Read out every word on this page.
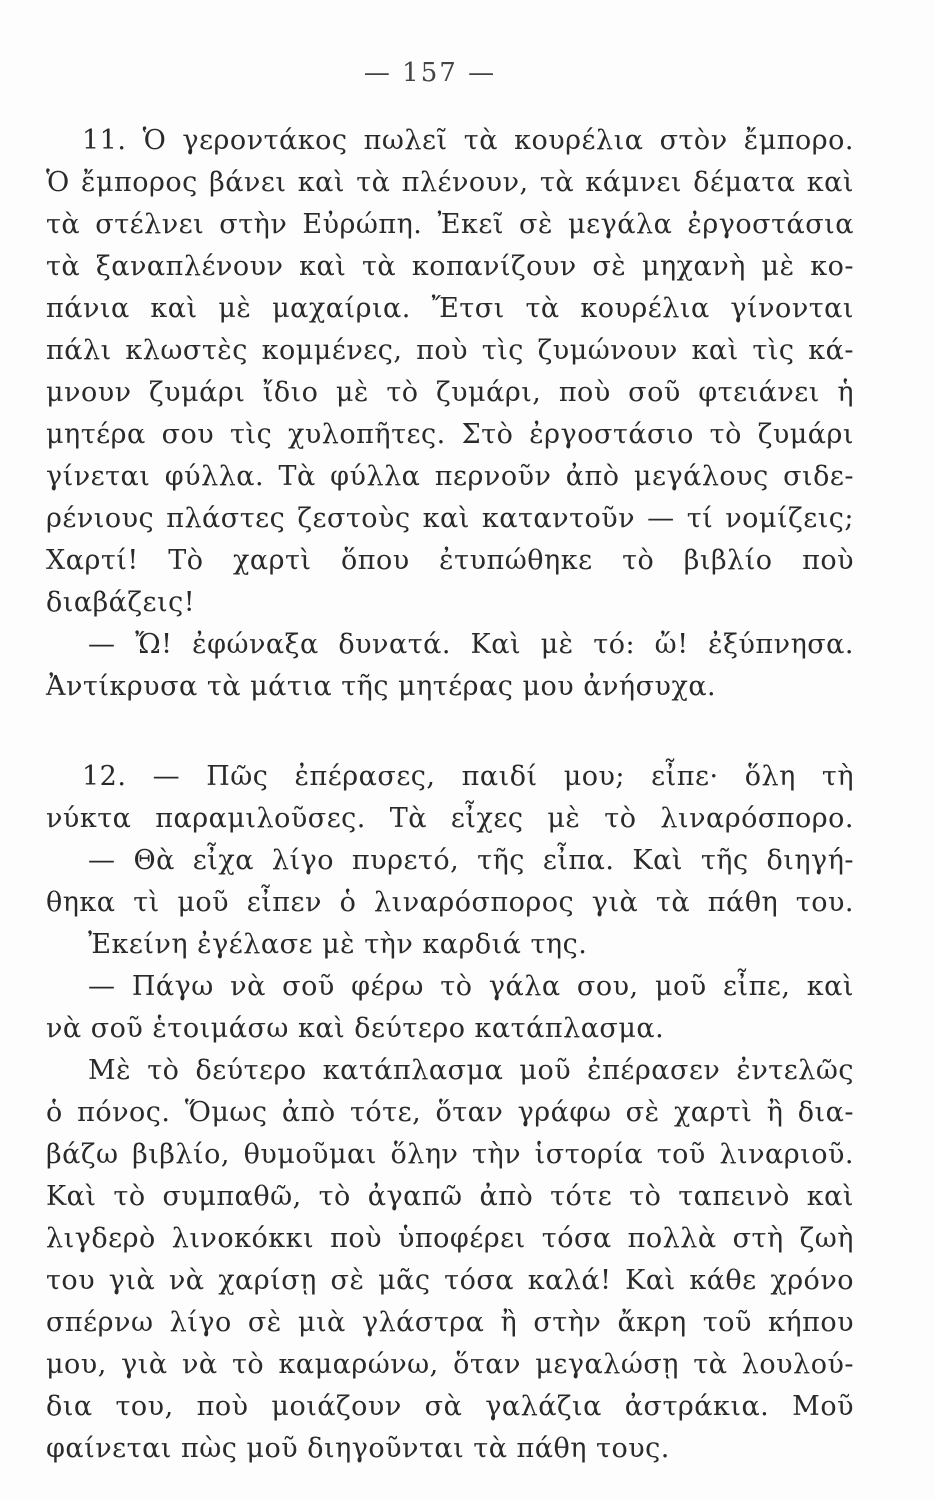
— 157 —
11. Ὁ γεροντάκος πωλεῖ τὰ κουρέλια στὸν ἔμπορο.
Ὁ ἔμπορος βάνει καὶ τὰ πλένουν, τὰ κάμνει δέματα καὶ
τὰ στέλνει στὴν Εὐρώπη. Ἐκεῖ σὲ μεγάλα ἐργοστάσια
τὰ ξαναπλένουν καὶ τὰ κοπανίζουν σὲ μηχανὴ μὲ κο-
πάνια καὶ μὲ μαχαίρια. Ἔτσι τὰ κουρέλια γίνονται
πάλι κλωστὲς κομμένες, ποὺ τὶς ζυμώνουν καὶ τὶς κά-
μνουν ζυμάρι ἴδιο μὲ τὸ ζυμάρι, ποὺ σοῦ φτειάνει ἡ
μητέρα σου τὶς χυλοπῆτες. Στὸ ἐργοστάσιο τὸ ζυμάρι
γίνεται φύλλα. Τὰ φύλλα περνοῦν ἀπὸ μεγάλους σιδε-
ρένιους πλάστες ζεστοὺς καὶ καταντοῦν — τί νομίζεις;
Χαρτί! Τὸ χαρτὶ ὅπου ἐτυπώθηκε τὸ βιβλίο ποὺ
διαβάζεις!
— Ὤ! ἐφώναξα δυνατά. Καὶ μὲ τό: ὤ! ἐξύπνησα.
Ἀντίκρυσα τὰ μάτια τῆς μητέρας μου ἀνήσυχα.
12. — Πῶς ἐπέρασες, παιδί μου; εἶπε· ὅλη τὴ
νύκτα παραμιλοῦσες. Τὰ εἶχες μὲ τὸ λιναρόσπορο.
— Θὰ εἶχα λίγο πυρετό, τῆς εἶπα. Καὶ τῆς διηγή-
θηκα τὶ μοῦ εἶπεν ὁ λιναρόσπορος γιὰ τὰ πάθη του.
Ἐκείνη ἐγέλασε μὲ τὴν καρδιά της.
— Πάγω νὰ σοῦ φέρω τὸ γάλα σου, μοῦ εἶπε, καὶ
νὰ σοῦ ἑτοιμάσω καὶ δεύτερο κατάπλασμα.
Μὲ τὸ δεύτερο κατάπλασμα μοῦ ἐπέρασεν ἐντελῶς
ὁ πόνος. Ὅμως ἀπὸ τότε, ὅταν γράφω σὲ χαρτὶ ἢ δια-
βάζω βιβλίο, θυμοῦμαι ὅλην τὴν ἱστορία τοῦ λιναριοῦ.
Καὶ τὸ συμπαθῶ, τὸ ἀγαπῶ ἀπὸ τότε τὸ ταπεινὸ καὶ
λιγδερὸ λινοκόκκι ποὺ ὑποφέρει τόσα πολλὰ στὴ ζωὴ
του γιὰ νὰ χαρίσῃ σὲ μᾶς τόσα καλά! Καὶ κάθε χρόνο
σπέρνω λίγο σὲ μιὰ γλάστρα ἢ στὴν ἄκρη τοῦ κήπου
μου, γιὰ νὰ τὸ καμαρώνω, ὅταν μεγαλώσῃ τὰ λουλού-
δια του, ποὺ μοιάζουν σὰ γαλάζια ἀστράκια. Μοῦ
φαίνεται πὼς μοῦ διηγοῦνται τὰ πάθη τους.
